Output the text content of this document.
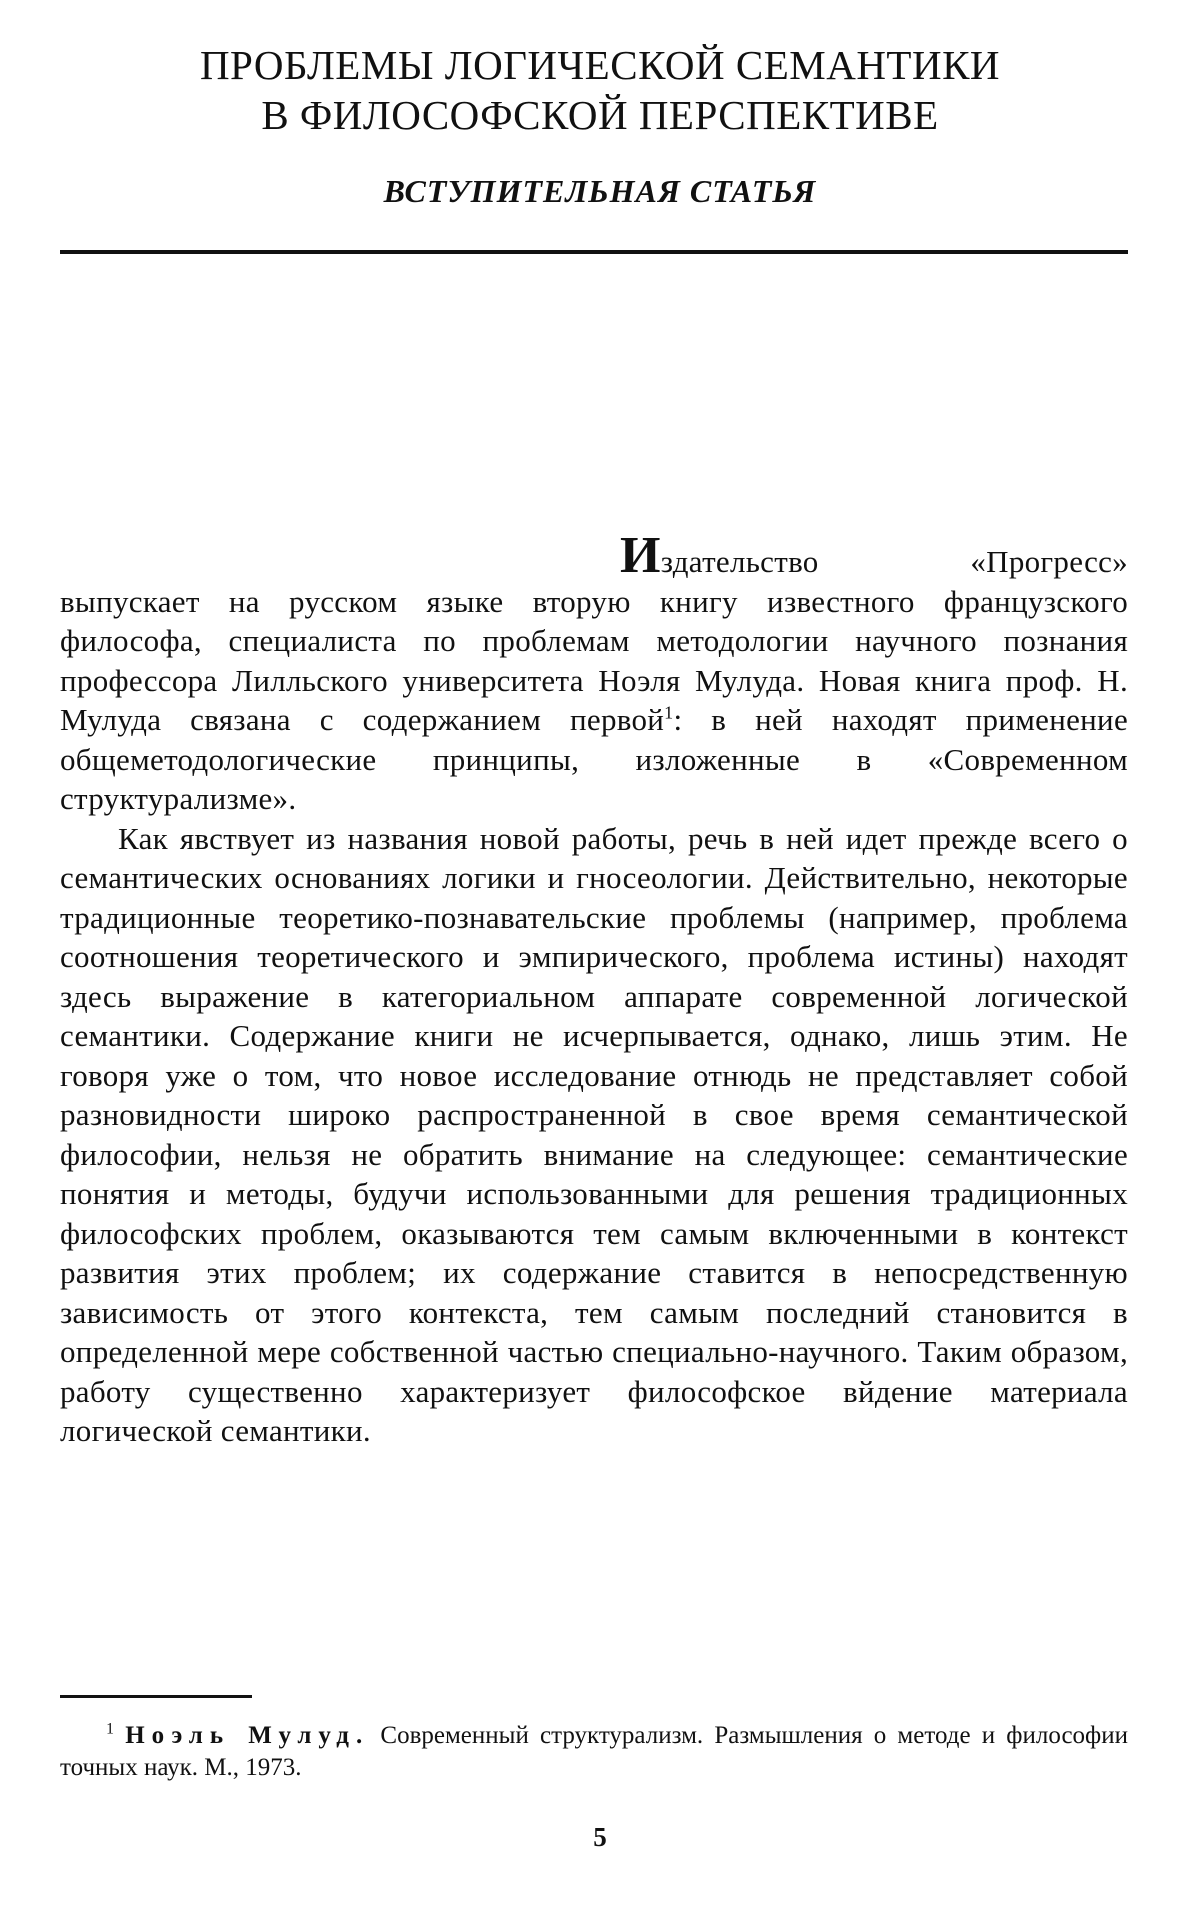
ПРОБЛЕМЫ ЛОГИЧЕСКОЙ СЕМАНТИКИ
В ФИЛОСОФСКОЙ ПЕРСПЕКТИВЕ
ВСТУПИТЕЛЬНАЯ СТАТЬЯ

Издательство «Прогресс» выпускает на русском языке вторую книгу известного французского философа, специалиста по проблемам методологии научного познания профессора Лилльского университета Ноэля Мулуда. Новая книга проф. Н. Мулуда связана с содержанием первой$^1$: в ней находят применение общеметодологические принципы, изложенные в «Современном структурализме».

Как явствует из названия новой работы, речь в ней идет прежде всего о семантических основаниях логики и гносеологии. Действительно, некоторые традиционные теоретико-познавательские проблемы (например, проблема соотношения теоретического и эмпирического, проблема истины) находят здесь выражение в категориальном аппарате современной логической семантики. Содержание книги не исчерпывается, однако, лишь этим. Не говоря уже о том, что новое исследование отнюдь не представляет собой разновидности широко распространенной в свое время семантической философии, нельзя не обратить внимание на следующее: семантические понятия и методы, будучи использованными для решения традиционных философских проблем, оказываются тем самым включенными в контекст развития этих проблем; их содержание ставится в непосредственную зависимость от этого контекста, тем самым последний становится в определенной мере собственной частью специально-научного. Таким образом, работу существенно характеризует философское вйдение материала логической семантики.

$^1$ Ноэль Мулуд. Современный структурализм. Размышления о методе и философии точных наук. М., 1973.

5
